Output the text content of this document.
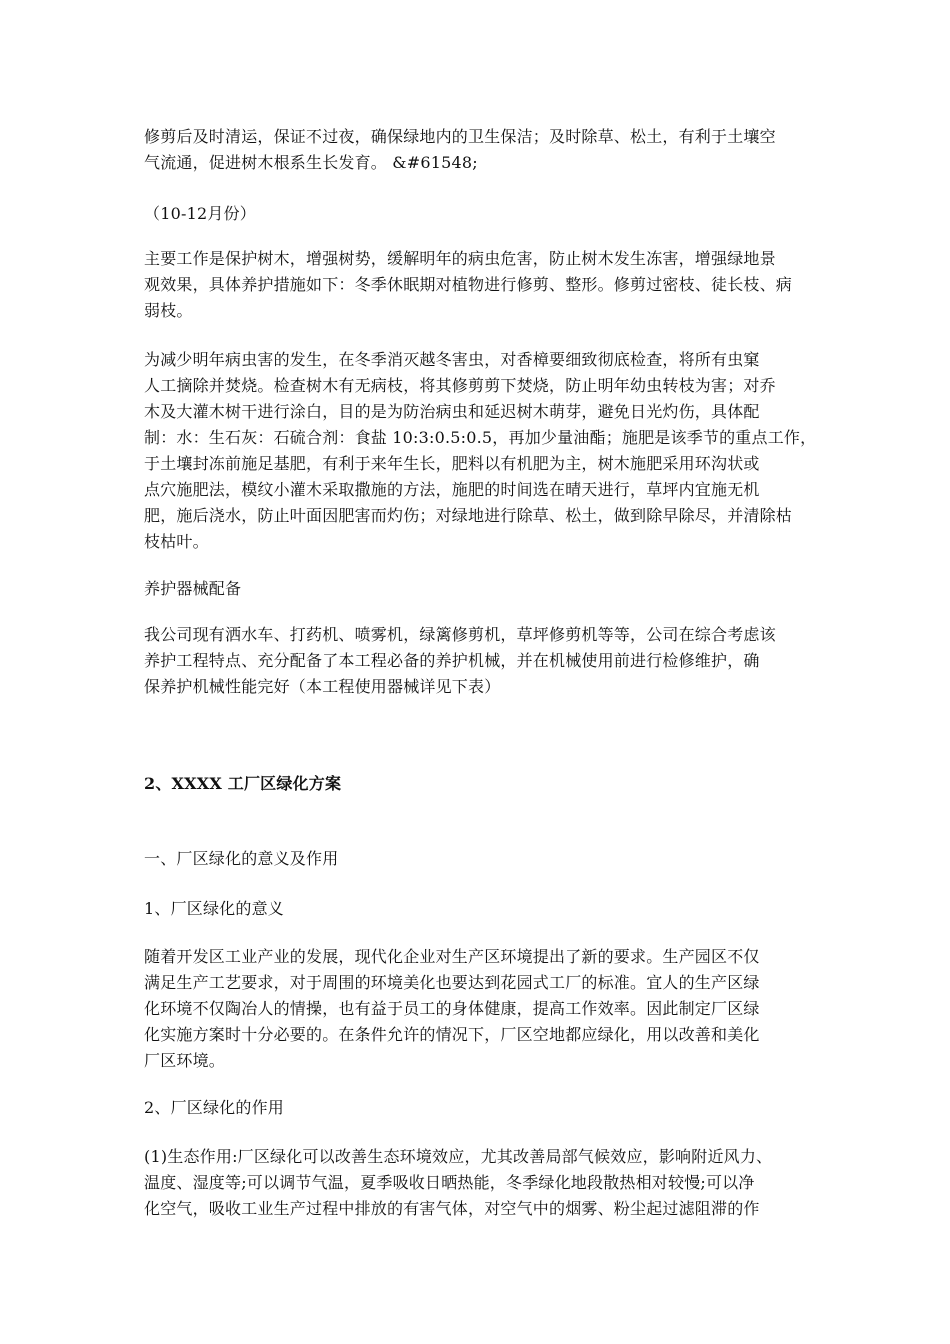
修剪后及时清运，保证不过夜，确保绿地内的卫生保洁；及时除草、松土，有利于土壤空
气流通，促进树木根系生长发育。 &#61548;
（10-12月份）
主要工作是保护树木，增强树势，缓解明年的病虫危害，防止树木发生冻害，增强绿地景
观效果，具体养护措施如下：冬季休眠期对植物进行修剪、整形。修剪过密枝、徒长枝、病
弱枝。
为减少明年病虫害的发生，在冬季消灭越冬害虫，对香樟要细致彻底检查，将所有虫窠
人工摘除并焚烧。检查树木有无病枝，将其修剪剪下焚烧，防止明年幼虫转枝为害；对乔
木及大灌木树干进行涂白，目的是为防治病虫和延迟树木萌芽，避免日光灼伤，具体配
制：水：生石灰：石硫合剂：食盐 10:3:0.5:0.5，再加少量油酯；施肥是该季节的重点工作，
于土壤封冻前施足基肥，有利于来年生长，肥料以有机肥为主，树木施肥采用环沟状或
点穴施肥法，模纹小灌木采取撒施的方法，施肥的时间选在晴天进行，草坪内宜施无机
肥，施后浇水，防止叶面因肥害而灼伤；对绿地进行除草、松土，做到除早除尽，并清除枯
枝枯叶。
养护器械配备
我公司现有洒水车、打药机、喷雾机，绿篱修剪机，草坪修剪机等等，公司在综合考虑该
养护工程特点、充分配备了本工程必备的养护机械，并在机械使用前进行检修维护，确
保养护机械性能完好（本工程使用器械详见下表）
2、XXXX 工厂区绿化方案
一、厂区绿化的意义及作用
1、厂区绿化的意义
随着开发区工业产业的发展，现代化企业对生产区环境提出了新的要求。生产园区不仅
满足生产工艺要求，对于周围的环境美化也要达到花园式工厂的标准。宜人的生产区绿
化环境不仅陶冶人的情操，也有益于员工的身体健康，提高工作效率。因此制定厂区绿
化实施方案时十分必要的。在条件允许的情况下，厂区空地都应绿化，用以改善和美化
厂区环境。
2、厂区绿化的作用
(1)生态作用:厂区绿化可以改善生态环境效应，尤其改善局部气候效应，影响附近风力、
温度、湿度等;可以调节气温，夏季吸收日晒热能，冬季绿化地段散热相对较慢;可以净
化空气，吸收工业生产过程中排放的有害气体，对空气中的烟雾、粉尘起过滤阻滞的作
